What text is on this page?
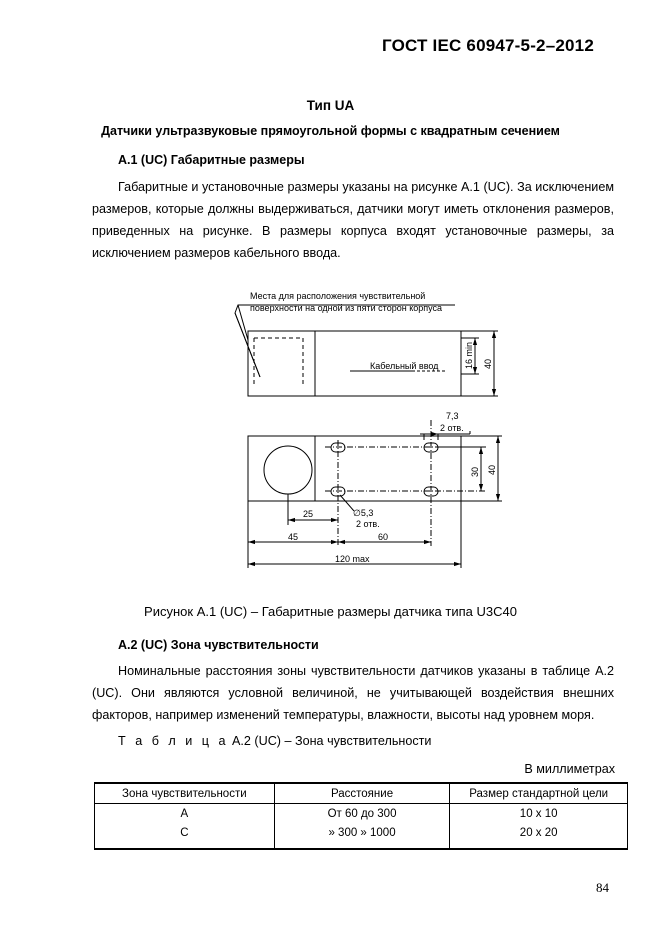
ГОСТ IEC 60947-5-2–2012
Тип UA
Датчики ультразвуковые прямоугольной формы с квадратным сечением
А.1 (UC) Габаритные размеры
Габаритные и установочные размеры указаны на рисунке А.1 (UC). За исключением размеров, которые должны выдерживаться, датчики могут иметь отклонения размеров, приведенных на рисунке. В размеры корпуса входят установочные размеры, за исключением размеров кабельного ввода.
Места для расположения чувствительной
поверхности на одной из пяти сторон корпуса
Кабельный ввод	16 min 40
7,3
2 отв.
30 40
∅5,3
2 отв.
25
45	60
120 max
Рисунок А.1 (UC) – Габаритные размеры датчика типа U3C40
А.2 (UC) Зона чувствительности
Номинальные расстояния зоны чувствительности датчиков указаны в таблице А.2 (UC). Они являются условной величиной, не учитывающей воздействия внешних факторов, например изменений температуры, влажности, высоты над уровнем моря.
Т а б л и ц а А.2 (UC) – Зона чувствительности
В миллиметрах
Зона чувствительности	Расстояние	Размер стандартной цели
A	От 60 до 300	10 x 10
C	» 300 » 1000	20 x 20
84
